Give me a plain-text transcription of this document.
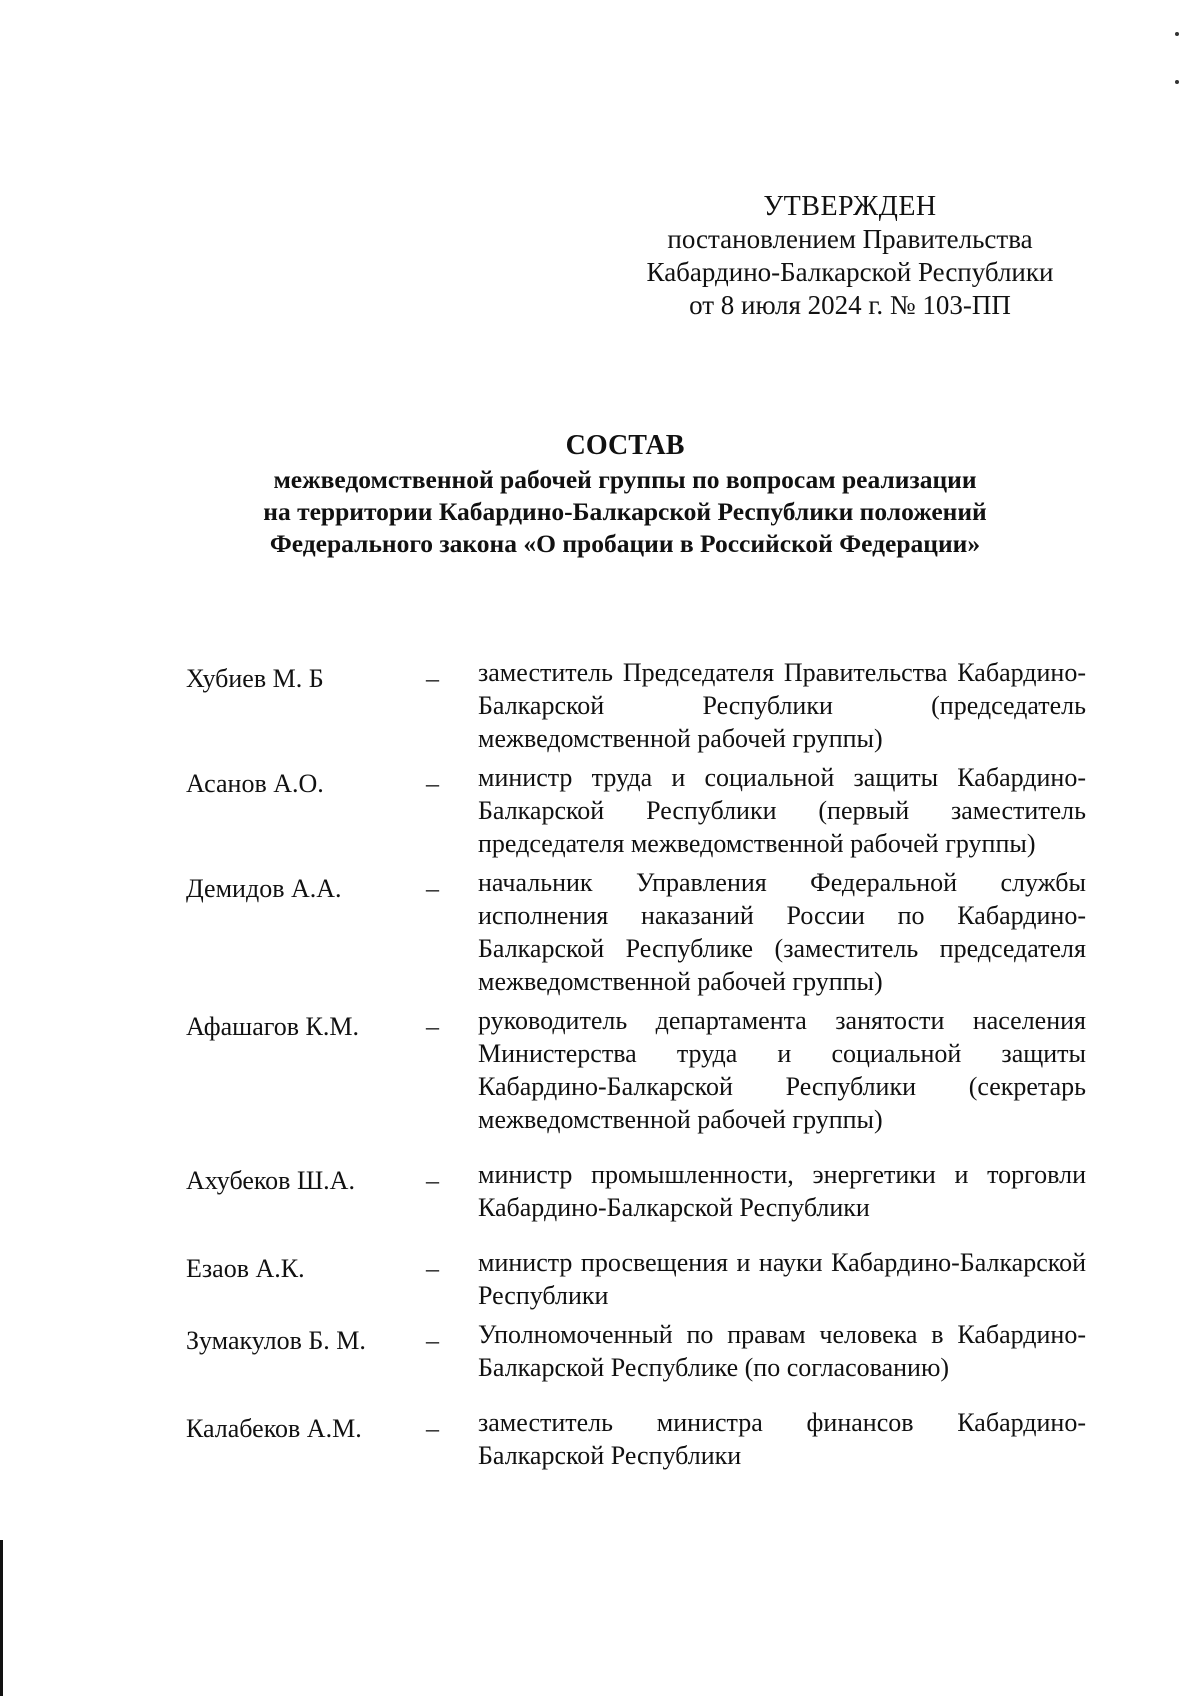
УТВЕРЖДЕН
постановлением Правительства
Кабардино-Балкарской Республики
от 8 июля 2024 г. № 103-ПП
СОСТАВ
межведомственной рабочей группы по вопросам реализации
на территории Кабардино-Балкарской Республики положений
Федерального закона «О пробации в Российской Федерации»
Хубиев М. Б	–	заместитель Председателя Правительства Кабардино-Балкарской Республики (председатель межведомственной рабочей группы)
Асанов А.О.	–	министр труда и социальной защиты Кабардино-Балкарской Республики (первый заместитель председателя межведомственной рабочей группы)
Демидов А.А.	–	начальник Управления Федеральной службы исполнения наказаний России по Кабардино-Балкарской Республике (заместитель председателя межведомственной рабочей группы)
Афашагов К.М.	–	руководитель департамента занятости населения Министерства труда и социальной защиты Кабардино-Балкарской Республики (секретарь межведомственной рабочей группы)
Ахубеков Ш.А.	–	министр промышленности, энергетики и торговли Кабардино-Балкарской Республики
Езаов А.К.	–	министр просвещения и науки Кабардино-Балкарской Республики
Зумакулов Б. М.	–	Уполномоченный по правам человека в Кабардино-Балкарской Республике (по согласованию)
Калабеков А.М.	–	заместитель министра финансов Кабардино-Балкарской Республики
